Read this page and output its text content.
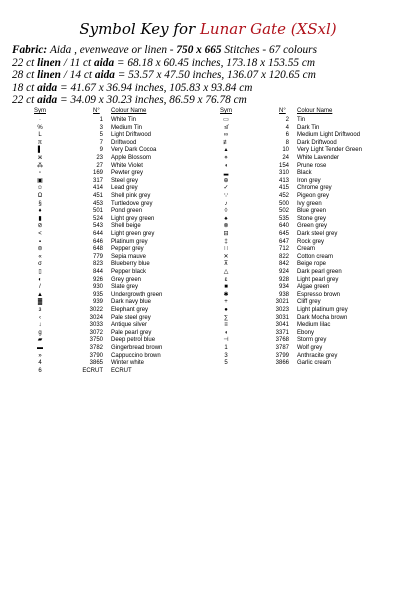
Symbol Key for Lunar Gate (XSxl)
Fabric: Aida , evenweave or linen - 750 x 665 Stitches - 67 colours
22 ct linen / 11 ct aida = 68.18 x 60.45 inches, 173.18 x 153.55 cm
28 ct linen / 14 ct aida = 53.57 x 47.50 inches, 136.07 x 120.65 cm
18 ct aida = 41.67 x 36.94 inches, 105.83 x 93.84 cm
22 ct aida = 34.09 x 30.23 inches, 86.59 x 76.78 cm
Sym	N° Colour Name
·	1 White Tin
%	3 Medium Tin
L	5 Light Driftwood
π	7 Driftwood
▌	9 Very Dark Cocoa
ж	23 Apple Blossom
⁂	27 White Violet
▫	169 Pewter grey
▣	317 Steel grey
☺	414 Lead grey
Ω	451 Shell pink grey
§	453 Turtledove grey
♦	501 Pond green
▮	524 Light grey green
⊘	543 Shell beige
<	644 Light green grey
▪	646 Platinum grey
⊜	648 Pepper grey
«	779 Sepia mauve
σ	823 Blueberry blue
▯	844 Pepper black
◐	926 Grey green
/	930 Slate grey
▲	935 Undergrowth green
▓	939 Dark navy blue
ɜ	3022 Elephant grey
‹	3024 Pale steel grey
↓	3033 Antique silver
g	3072 Pale pearl grey
▰	3750 Deep petrol blue
▬	3782 Gingerbread brown
»	3790 Cappuccino brown
4	3865 Winter white
6	ECRUT ECRUT
Sym	N° Colour Name
▭	2 Tin
≰	4 Dark Tin
∞	6 Medium Light Driftwood
≢	8 Dark Driftwood
▴	10 Very Light Tender Green
⋄	24 White Lavender
◖	154 Prune rose
▂	310 Black
⊕	413 Iron grey
✓	415 Chrome grey
∵	452 Pigeon grey
♪	500 Ivy green
◊	502 Blue green
♠	535 Stone grey
⊗	640 Green grey
⊟	645 Dark steel grey
‡	647 Rock grey
∷	712 Cream
✕	822 Cotton cream
⊼	842 Beige rope
△	924 Dark pearl green
ɛ	928 Light pearl grey
■	934 Algae green
✱	938 Espresso brown
+	3021 Cliff grey
●	3023 Light platinum grey
∑	3031 Dark Mocha brown
≡	3041 Medium lilac
◖	3371 Ebony
⊣	3768 Storm grey
1	3787 Wolf grey
3	3799 Anthracite grey
5	3866 Garlic cream
